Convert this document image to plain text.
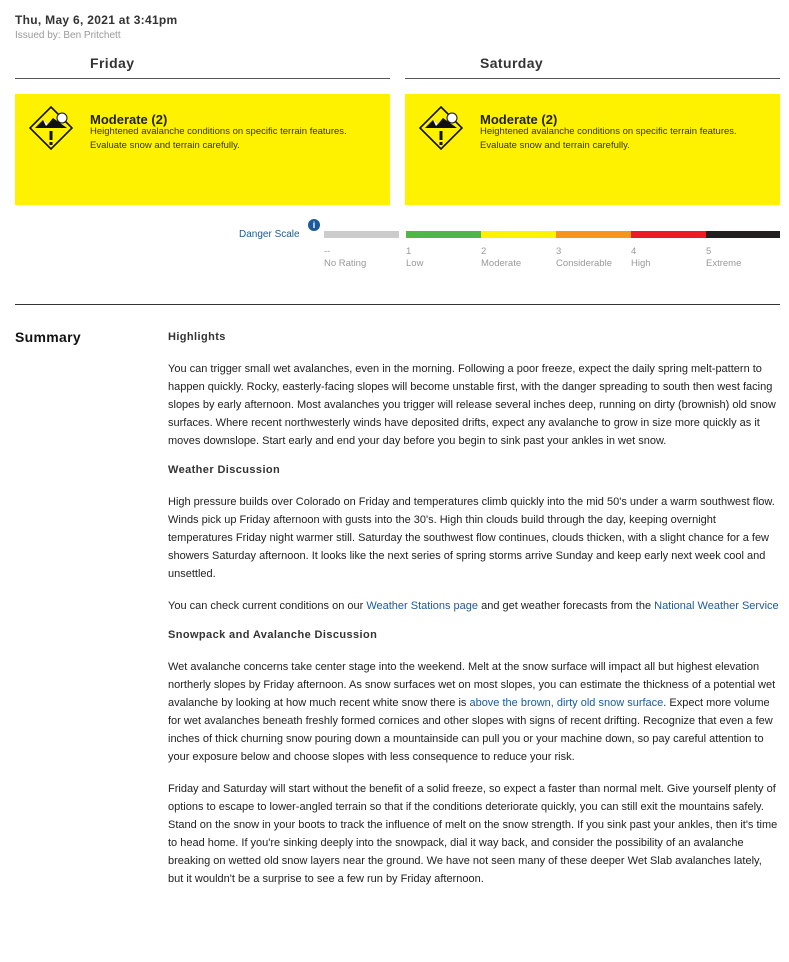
Thu, May 6, 2021 at 3:41pm
Issued by: Ben Pritchett
Friday
Moderate (2)
Heightened avalanche conditions on specific terrain features. Evaluate snow and terrain carefully.
Saturday
Moderate (2)
Heightened avalanche conditions on specific terrain features. Evaluate snow and terrain carefully.
Danger Scale
i
--
No Rating
1
Low
2
Moderate
3
Considerable
4
High
5
Extreme
Summary	Highlights

You can trigger small wet avalanches, even in the morning. Following a poor freeze, expect the daily spring melt-pattern to happen quickly. Rocky, easterly-facing slopes will become unstable first, with the danger spreading to south then west facing slopes by early afternoon. Most avalanches you trigger will release several inches deep, running on dirty (brownish) old snow surfaces. Where recent northwesterly winds have deposited drifts, expect any avalanche to grow in size more quickly as it moves downslope. Start early and end your day before you begin to sink past your ankles in wet snow.

Weather Discussion

High pressure builds over Colorado on Friday and temperatures climb quickly into the mid 50's under a warm southwest flow. Winds pick up Friday afternoon with gusts into the 30's. High thin clouds build through the day, keeping overnight temperatures Friday night warmer still. Saturday the southwest flow continues, clouds thicken, with a slight chance for a few showers Saturday afternoon. It looks like the next series of spring storms arrive Sunday and keep early next week cool and unsettled.

You can check current conditions on our Weather Stations page and get weather forecasts from the National Weather Service

Snowpack and Avalanche Discussion

Wet avalanche concerns take center stage into the weekend. Melt at the snow surface will impact all but highest elevation northerly slopes by Friday afternoon. As snow surfaces wet on most slopes, you can estimate the thickness of a potential wet avalanche by looking at how much recent white snow there is above the brown, dirty old snow surface. Expect more volume for wet avalanches beneath freshly formed cornices and other slopes with signs of recent drifting. Recognize that even a few inches of thick churning snow pouring down a mountainside can pull you or your machine down, so pay careful attention to your exposure below and choose slopes with less consequence to reduce your risk.

Friday and Saturday will start without the benefit of a solid freeze, so expect a faster than normal melt. Give yourself plenty of options to escape to lower-angled terrain so that if the conditions deteriorate quickly, you can still exit the mountains safely. Stand on the snow in your boots to track the influence of melt on the snow strength. If you sink past your ankles, then it's time to head home. If you're sinking deeply into the snowpack, dial it way back, and consider the possibility of an avalanche breaking on wetted old snow layers near the ground. We have not seen many of these deeper Wet Slab avalanches lately, but it wouldn't be a surprise to see a few run by Friday afternoon.
